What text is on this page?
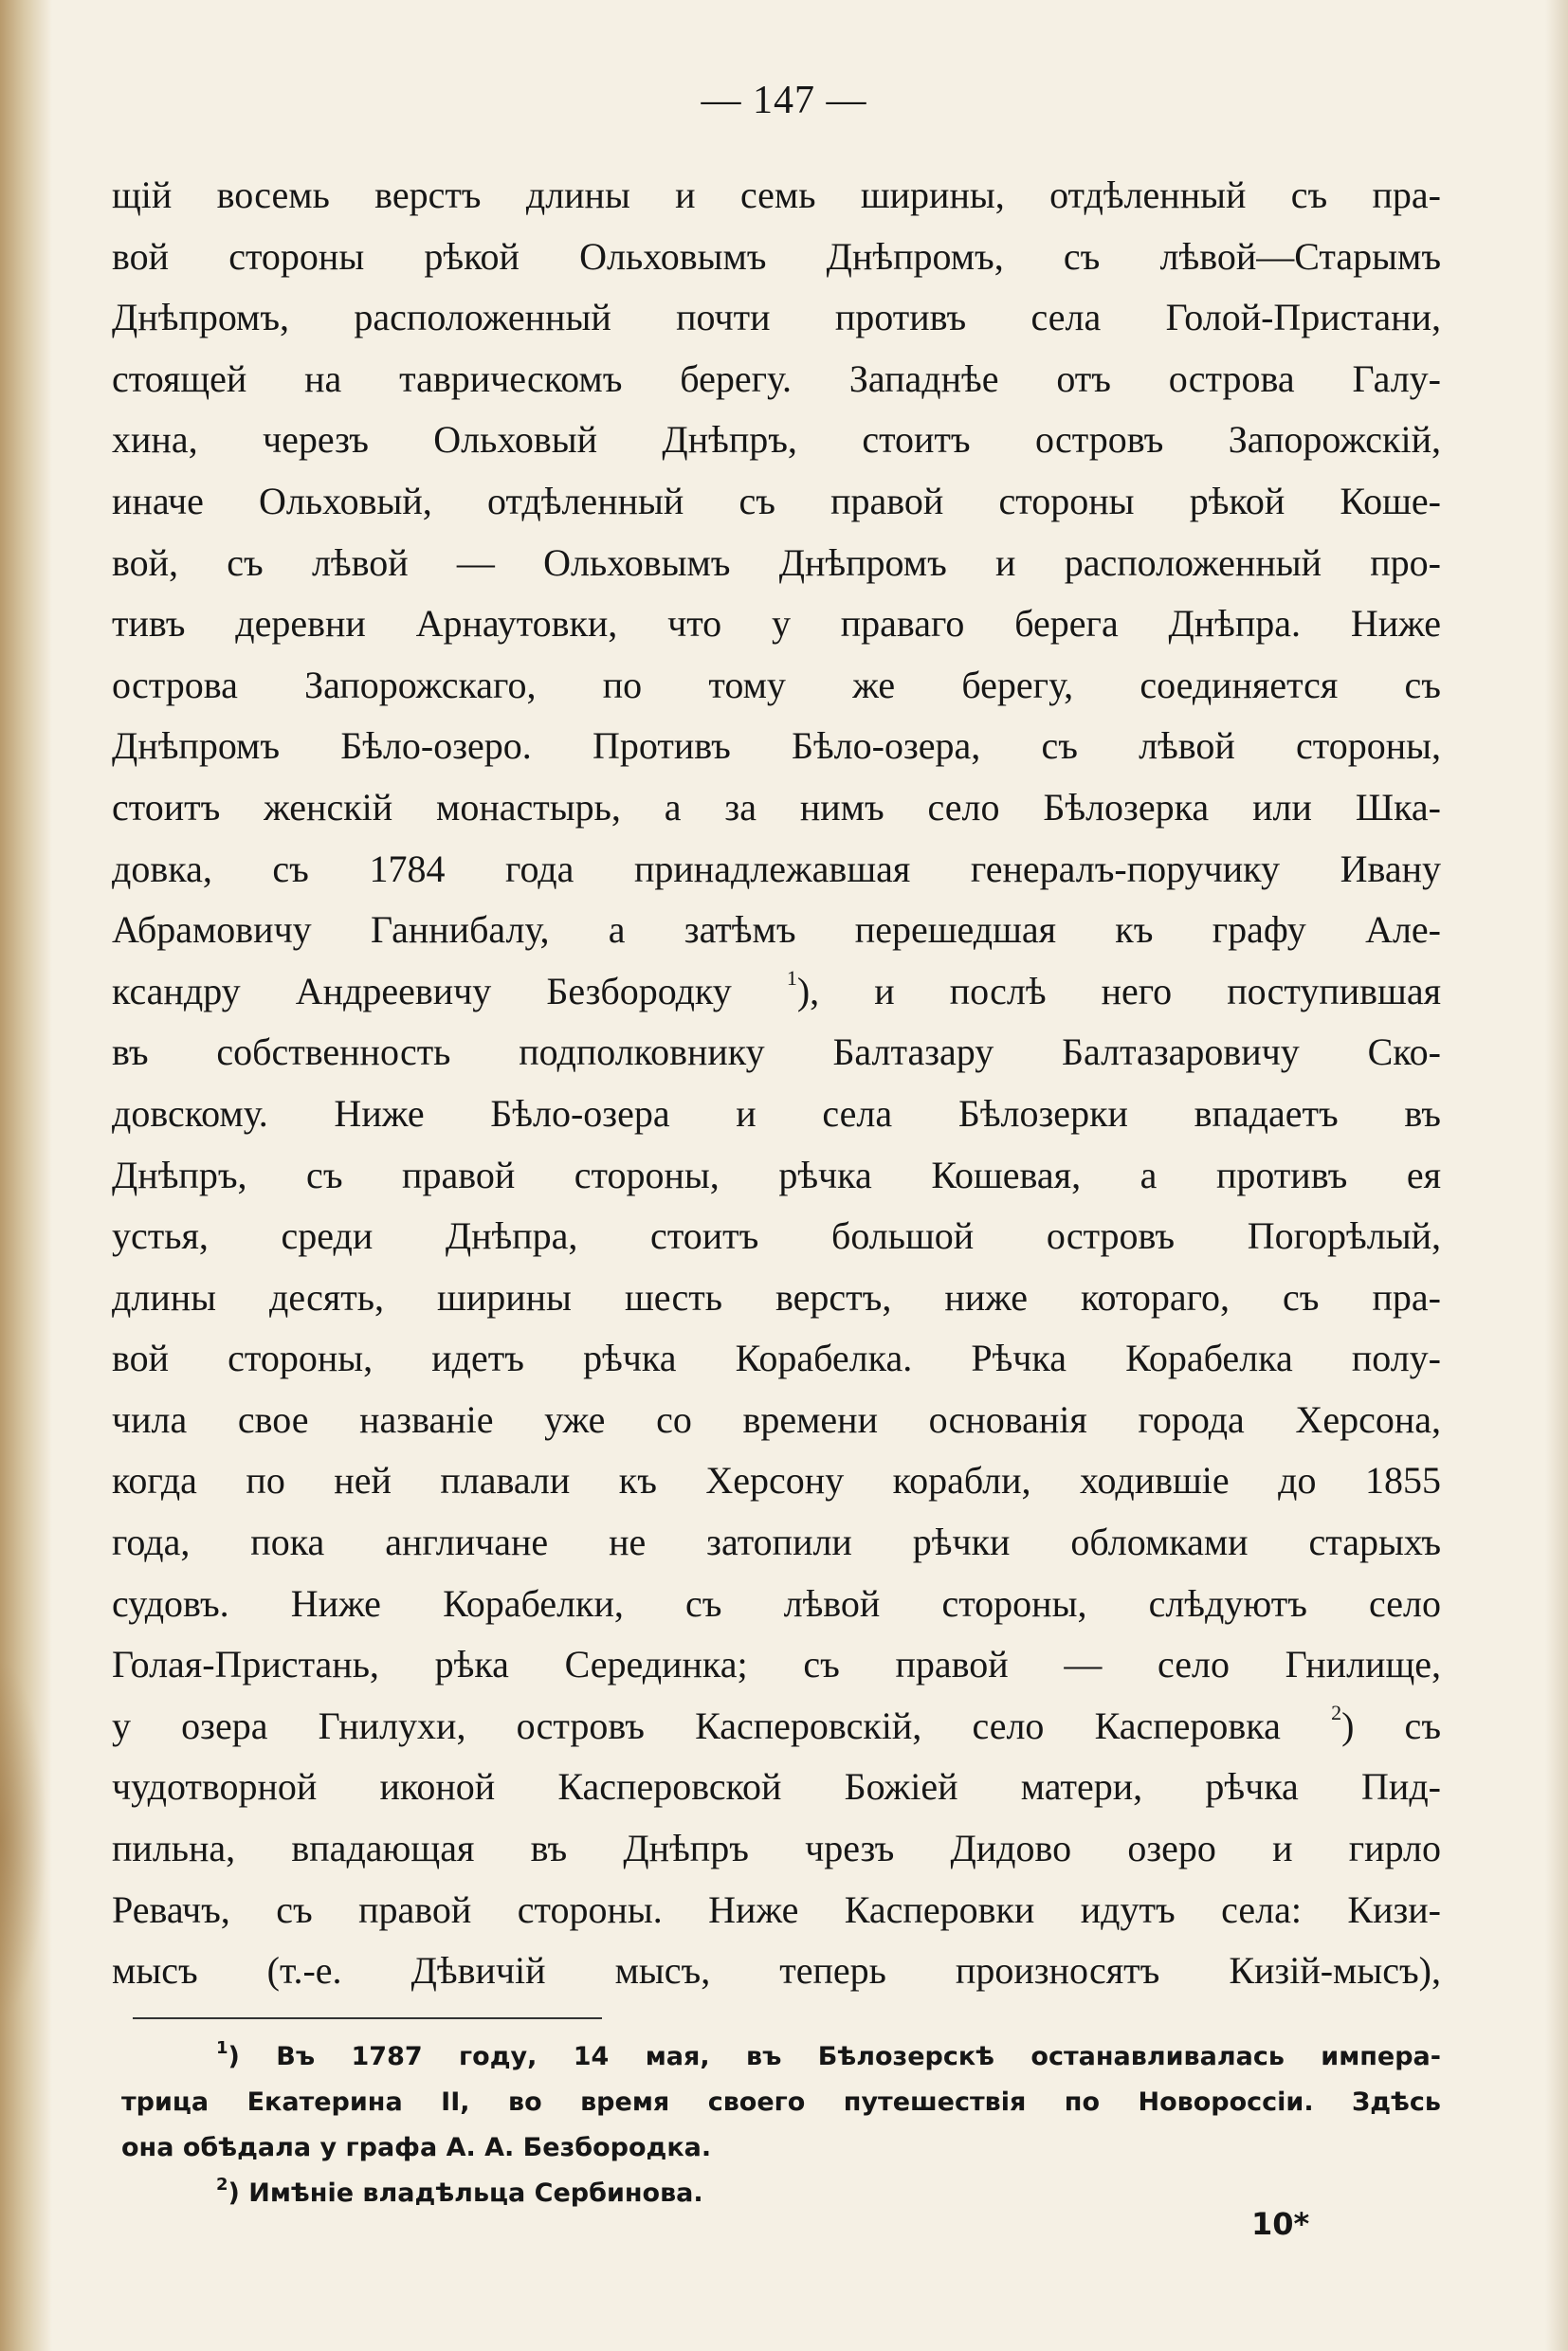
— 147 —
щій восемь верстъ длины и семь ширины, отдѣленный съ пра-
вой стороны рѣкой Ольховымъ Днѣпромъ, съ лѣвой—Старымъ
Днѣпромъ, расположенный почти противъ села Голой-Пристани,
стоящей на таврическомъ берегу. Западнѣе отъ острова Галу-
хина, черезъ Ольховый Днѣпръ, стоитъ островъ Запорожскій,
иначе Ольховый, отдѣленный съ правой стороны рѣкой Коше-
вой, съ лѣвой — Ольховымъ Днѣпромъ и расположенный про-
тивъ деревни Арнаутовки, что у праваго берега Днѣпра. Ниже
острова Запорожскаго, по тому же берегу, соединяется съ
Днѣпромъ Бѣло-озеро. Противъ Бѣло-озера, съ лѣвой стороны,
стоитъ женскій монастырь, а за нимъ село Бѣлозерка или Шка-
довка, съ 1784 года принадлежавшая генералъ-поручику Ивану
Абрамовичу Ганнибалу, а затѣмъ перешедшая къ графу Але-
ксандру Андреевичу Безбородку	$^1$), и послѣ него поступившая
въ собственность подполковнику Балтазару Балтазаровичу Ско-
довскому. Ниже Бѣло-озера и села Бѣлозерки впадаетъ въ
Днѣпръ, съ правой стороны, рѣчка Кошевая, а противъ ея
устья, среди Днѣпра, стоитъ большой островъ Погорѣлый,
длины десять, ширины шесть верстъ, ниже котораго, съ пра-
вой стороны, идетъ рѣчка Корабелка. Рѣчка Корабелка полу-
чила свое названіе уже со времени основанія города Херсона,
когда по ней плавали къ Херсону корабли, ходившіе до 1855
года, пока англичане не затопили рѣчки обломками старыхъ
судовъ. Ниже Корабелки, съ лѣвой стороны, слѣдуютъ село
Голая-Пристань, рѣка Серединка; съ правой — село Гнилище,
у озера Гнилухи, островъ Касперовскій, село Касперовка $^2$) съ
чудотворной иконой Касперовской Божіей матери, рѣчка Пид-
пильна, впадающая въ Днѣпръ чрезъ Дидово озеро и гирло
Ревачъ, съ правой стороны. Ниже Касперовки идутъ села: Кизи-
мысъ (т.-е. Дѣвичій мысъ, теперь произносятъ Кизій-мысъ),
$^1$) Въ 1787 году, 14 мая, въ Бѣлозерскѣ останавливалась импера-
трица Екатерина II, во время своего путешествія по Новороссіи. Здѣсь
она обѣдала у графа А. А. Безбородка.
$^2$) Имѣніе владѣльца Сербинова.
10*
